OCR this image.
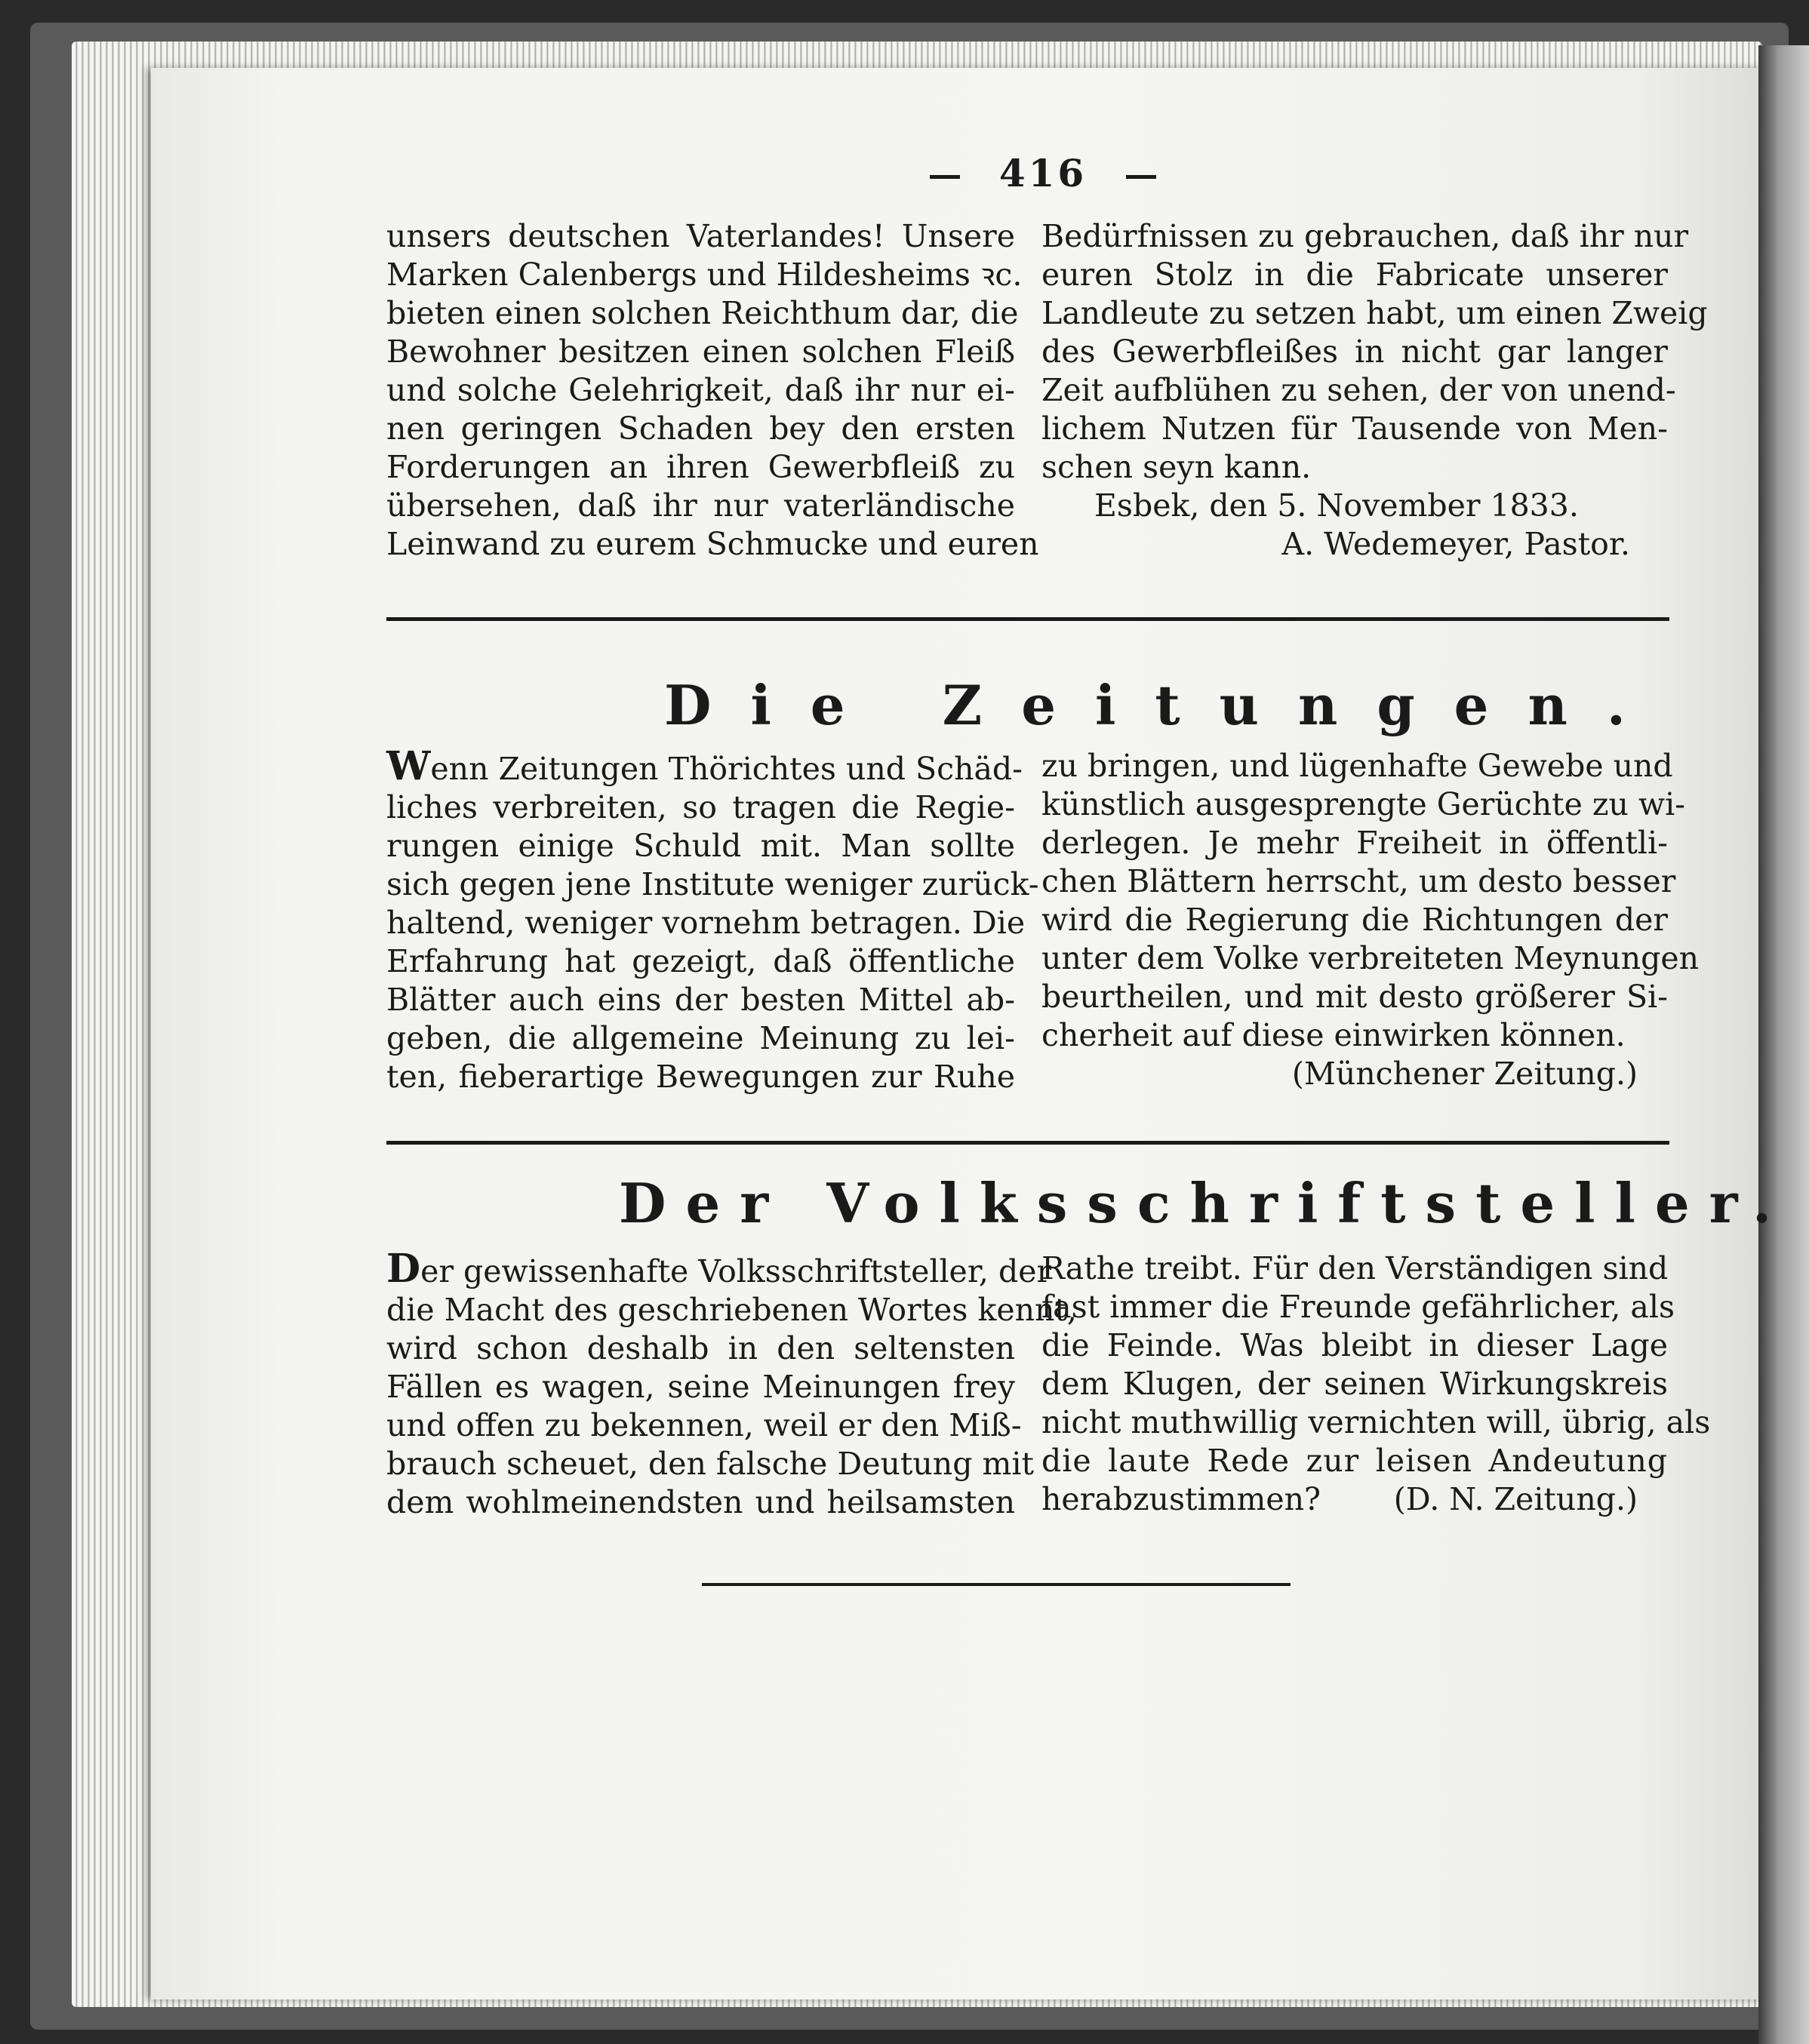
416
unsers deutschen Vaterlandes! Unsere
Marken Calenbergs und Hildesheims ꝛc.
bieten einen solchen Reichthum dar, die
Bewohner besitzen einen solchen Fleiß
und solche Gelehrigkeit, daß ihr nur ei-
nen geringen Schaden bey den ersten
Forderungen an ihren Gewerbfleiß zu
übersehen, daß ihr nur vaterländische
Leinwand zu eurem Schmucke und euren
Bedürfnissen zu gebrauchen, daß ihr nur
euren Stolz in die Fabricate unserer
Landleute zu setzen habt, um einen Zweig
des Gewerbfleißes in nicht gar langer
Zeit aufblühen zu sehen, der von unend-
lichem Nutzen für Tausende von Men-
schen seyn kann.
Esbek, den 5. November 1833.
A. Wedemeyer, Pastor.
Die Zeitungen.
Wenn Zeitungen Thörichtes und Schäd-
liches verbreiten, so tragen die Regie-
rungen einige Schuld mit. Man sollte
sich gegen jene Institute weniger zurück-
haltend, weniger vornehm betragen. Die
Erfahrung hat gezeigt, daß öffentliche
Blätter auch eins der besten Mittel ab-
geben, die allgemeine Meinung zu lei-
ten, fieberartige Bewegungen zur Ruhe
zu bringen, und lügenhafte Gewebe und
künstlich ausgesprengte Gerüchte zu wi-
derlegen. Je mehr Freiheit in öffentli-
chen Blättern herrscht, um desto besser
wird die Regierung die Richtungen der
unter dem Volke verbreiteten Meynungen
beurtheilen, und mit desto größerer Si-
cherheit auf diese einwirken können.
(Münchener Zeitung.)
Der Volksschriftsteller.
Der gewissenhafte Volksschriftsteller, der
die Macht des geschriebenen Wortes kennt,
wird schon deshalb in den seltensten
Fällen es wagen, seine Meinungen frey
und offen zu bekennen, weil er den Miß-
brauch scheuet, den falsche Deutung mit
dem wohlmeinendsten und heilsamsten
Rathe treibt. Für den Verständigen sind
fast immer die Freunde gefährlicher, als
die Feinde. Was bleibt in dieser Lage
dem Klugen, der seinen Wirkungskreis
nicht muthwillig vernichten will, übrig, als
die laute Rede zur leisen Andeutung
herabzustimmen? (D. N. Zeitung.)
